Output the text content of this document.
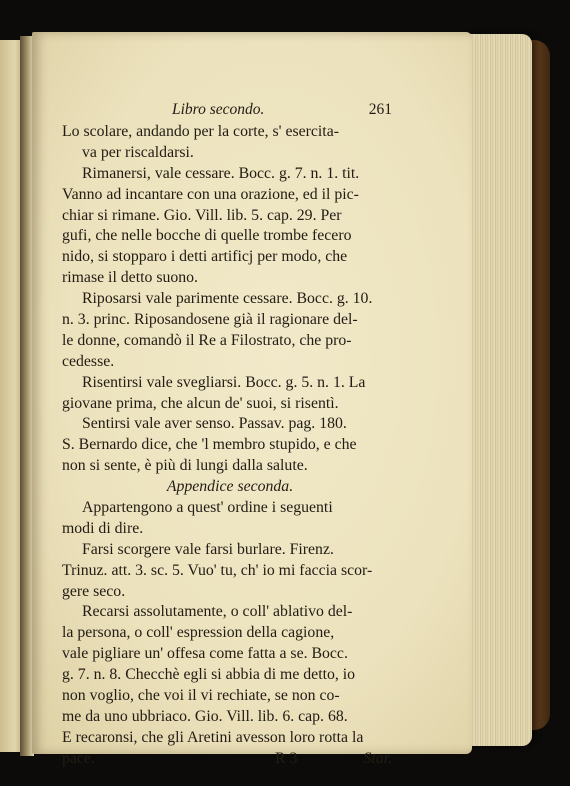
Libro secondo.	261
Lo scolare, andando per la corte, s' esercita-
va per riscaldarsi.
Rimanersi, vale cessare. Bocc. g. 7. n. 1. tit.
Vanno ad incantare con una orazione, ed il pic-
chiar si rimane. Gio. Vill. lib. 5. cap. 29. Per
gufi, che nelle bocche di quelle trombe fecero
nido, si stopparo i detti artificj per modo, che
rimase il detto suono.
Riposarsi vale parimente cessare. Bocc. g. 10.
n. 3. princ. Riposandosene già il ragionare del-
le donne, comandò il Re a Filostrato, che pro-
cedesse.
Risentirsi vale svegliarsi. Bocc. g. 5. n. 1. La
giovane prima, che alcun de' suoi, si risentì.
Sentirsi vale aver senso. Passav. pag. 180.
S. Bernardo dice, che 'l membro stupido, e che
non si sente, è più di lungi dalla salute.
Appendice seconda.
Appartengono a quest' ordine i seguenti
modi di dire.
Farsi scorgere vale farsi burlare. Firenz.
Trinuz. att. 3. sc. 5. Vuo' tu, ch' io mi faccia scor-
gere seco.
Recarsi assolutamente, o coll' ablativo del-
la persona, o coll' espression della cagione,
vale pigliare un' offesa come fatta a se. Bocc.
g. 7. n. 8. Checchè egli si abbia di me detto, io
non voglio, che voi il vi rechiate, se non co-
me da uno ubbriaco. Gio. Vill. lib. 6. cap. 68.
E recaronsi, che gli Aretini avesson loro rotta la
pace.	R 3	Star.
